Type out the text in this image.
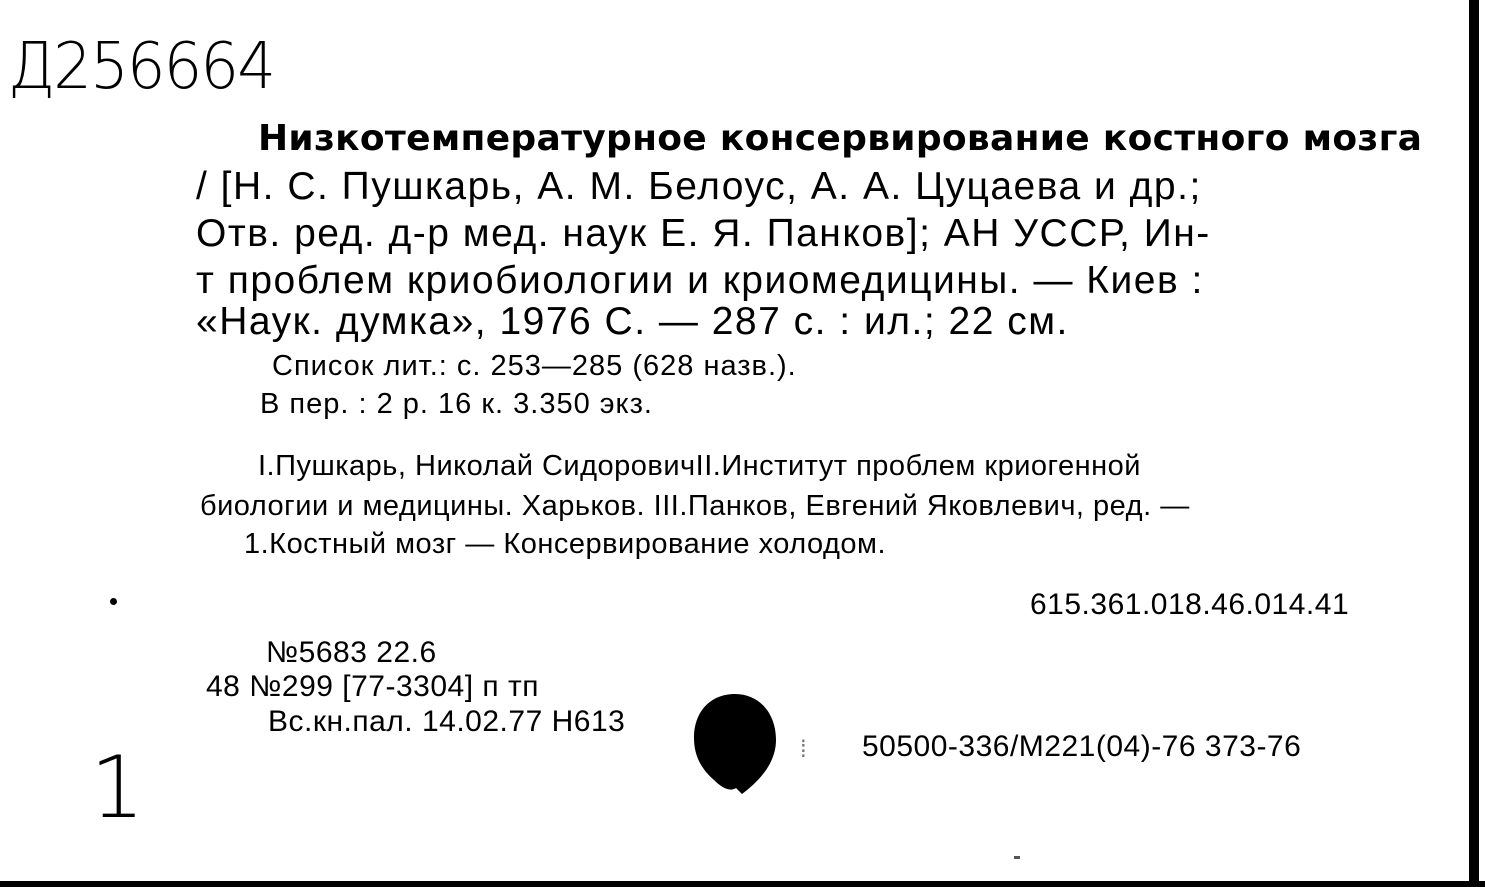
Д256664
Низкотемпературное консервирование костного мозга
/ [Н. С. Пушкарь, А. М. Белоус, А. А. Цуцаева и др.;
Отв. ред. д-р мед. наук Е. Я. Панков]; АН УССР, Ин-
т проблем криобиологии и криомедицины. — Киев :
«Наук. думка», 1976 С. — 287 с. : ил.; 22 см.
Список лит.: с. 253—285 (628 назв.).
В пер. : 2 р. 16 к. 3.350 экз.
I.Пушкарь, Николай СидоровичII.Институт проблем криогенной
биологии и медицины. Харьков. III.Панков, Евгений Яковлевич, ред. —
1.Костный мозг — Консервирование холодом.
615.361.018.46.014.41
№5683 22.6
48 №299 [77-3304] п тп
Вс.кн.пал. 14.02.77 Н613
⁞ 50500-336/М221(04)-76 373-76
1
